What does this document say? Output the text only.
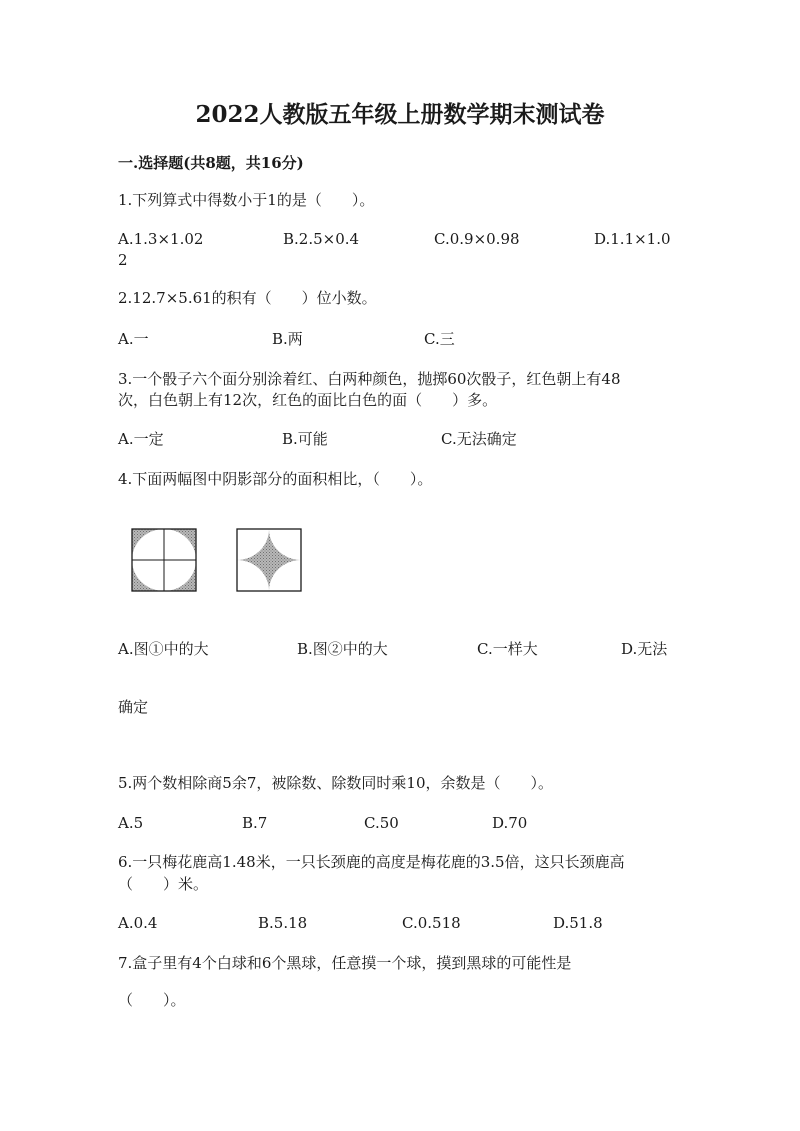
2022人教版五年级上册数学期末测试卷
一.选择题(共8题，共16分)
1.下列算式中得数小于1的是（　　）。
A.1.3×1.02	B.2.5×0.4	C.0.9×0.98	D.1.1×1.0
2
2.12.7×5.61的积有（　　）位小数。
A.一	B.两	C.三
3.一个骰子六个面分别涂着红、白两种颜色，抛掷60次骰子，红色朝上有48
次，白色朝上有12次，红色的面比白色的面（　　）多。
A.一定	B.可能	C.无法确定
4.下面两幅图中阴影部分的面积相比，（　　）。
A.图①中的大	B.图②中的大	C.一样大	D.无法
确定
5.两个数相除商5余7，被除数、除数同时乘10，余数是（　　）。
A.5	B.7	C.50	D.70
6.一只梅花鹿高1.48米，一只长颈鹿的高度是梅花鹿的3.5倍，这只长颈鹿高
（　　）米。
A.0.4	B.5.18	C.0.518	D.51.8
7.盒子里有4个白球和6个黑球，任意摸一个球，摸到黑球的可能性是
（　　）。
